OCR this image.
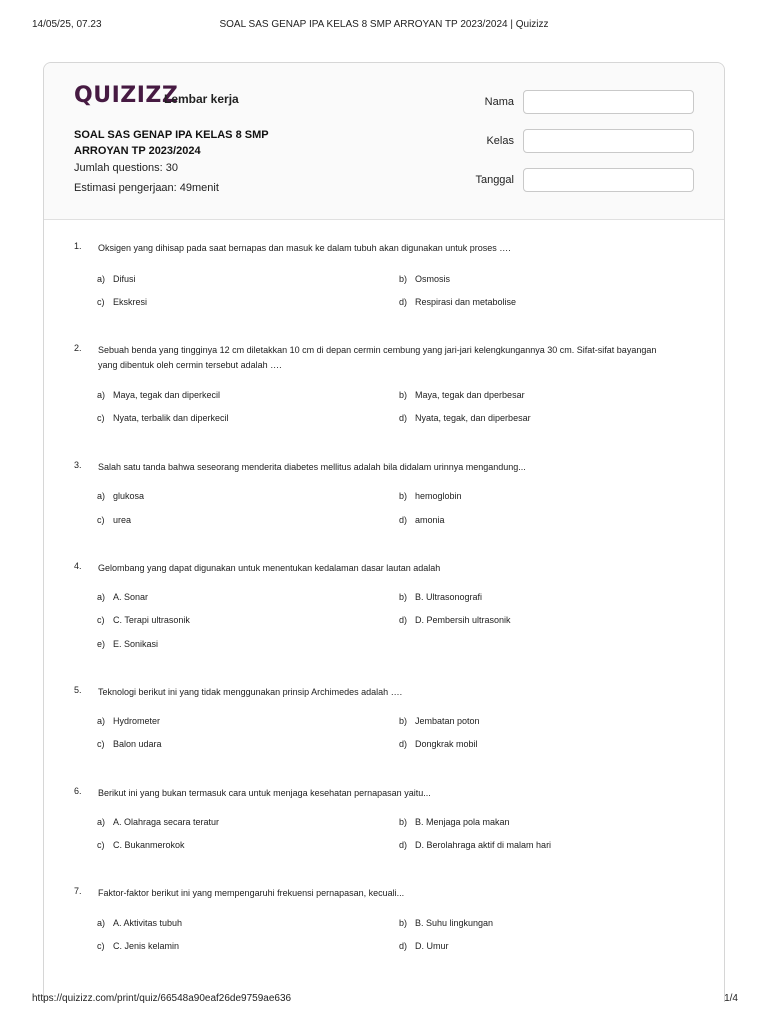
14/05/25, 07.23	SOAL SAS GENAP IPA KELAS 8 SMP ARROYAN TP 2023/2024 | Quizizz
QUIZIZZ
Lembar kerja
SOAL SAS GENAP IPA KELAS 8 SMP ARROYAN TP 2023/2024
Jumlah questions: 30
Estimasi pengerjaan: 49menit
Nama
Kelas
Tanggal
1.	Oksigen yang dihisap pada saat bernapas dan masuk ke dalam tubuh akan digunakan untuk proses ….
a) Difusi	b) Osmosis
c) Ekskresi	d) Respirasi dan metabolise
2.	Sebuah benda yang tingginya 12 cm diletakkan 10 cm di depan cermin cembung yang jari-jari kelengkungannya 30 cm. Sifat-sifat bayangan yang dibentuk oleh cermin tersebut adalah ….
a) Maya, tegak dan diperkecil	b) Maya, tegak dan dperbesar
c) Nyata, terbalik dan diperkecil	d) Nyata, tegak, dan diperbesar
3.	Salah satu tanda bahwa seseorang menderita diabetes mellitus adalah bila didalam urinnya mengandung...
a) glukosa	b) hemoglobin
c) urea	d) amonia
4.	Gelombang yang dapat digunakan untuk menentukan kedalaman dasar lautan adalah
a) A. Sonar	b) B. Ultrasonografi
c) C. Terapi ultrasonik	d) D. Pembersih ultrasonik
e) E. Sonikasi
5.	Teknologi berikut ini yang tidak menggunakan prinsip Archimedes adalah ….
a) Hydrometer	b) Jembatan poton
c) Balon udara	d) Dongkrak mobil
6.	Berikut ini yang bukan termasuk cara untuk menjaga kesehatan pernapasan yaitu...
a) A. Olahraga secara teratur	b) B. Menjaga pola makan
c) C. Bukanmerokok	d) D. Berolahraga aktif di malam hari
7.	Faktor-faktor berikut ini yang mempengaruhi frekuensi pernapasan, kecuali...
a) A. Aktivitas tubuh	b) B. Suhu lingkungan
c) C. Jenis kelamin	d) D. Umur
https://quizizz.com/print/quiz/66548a90eaf26de9759ae636	1/4
